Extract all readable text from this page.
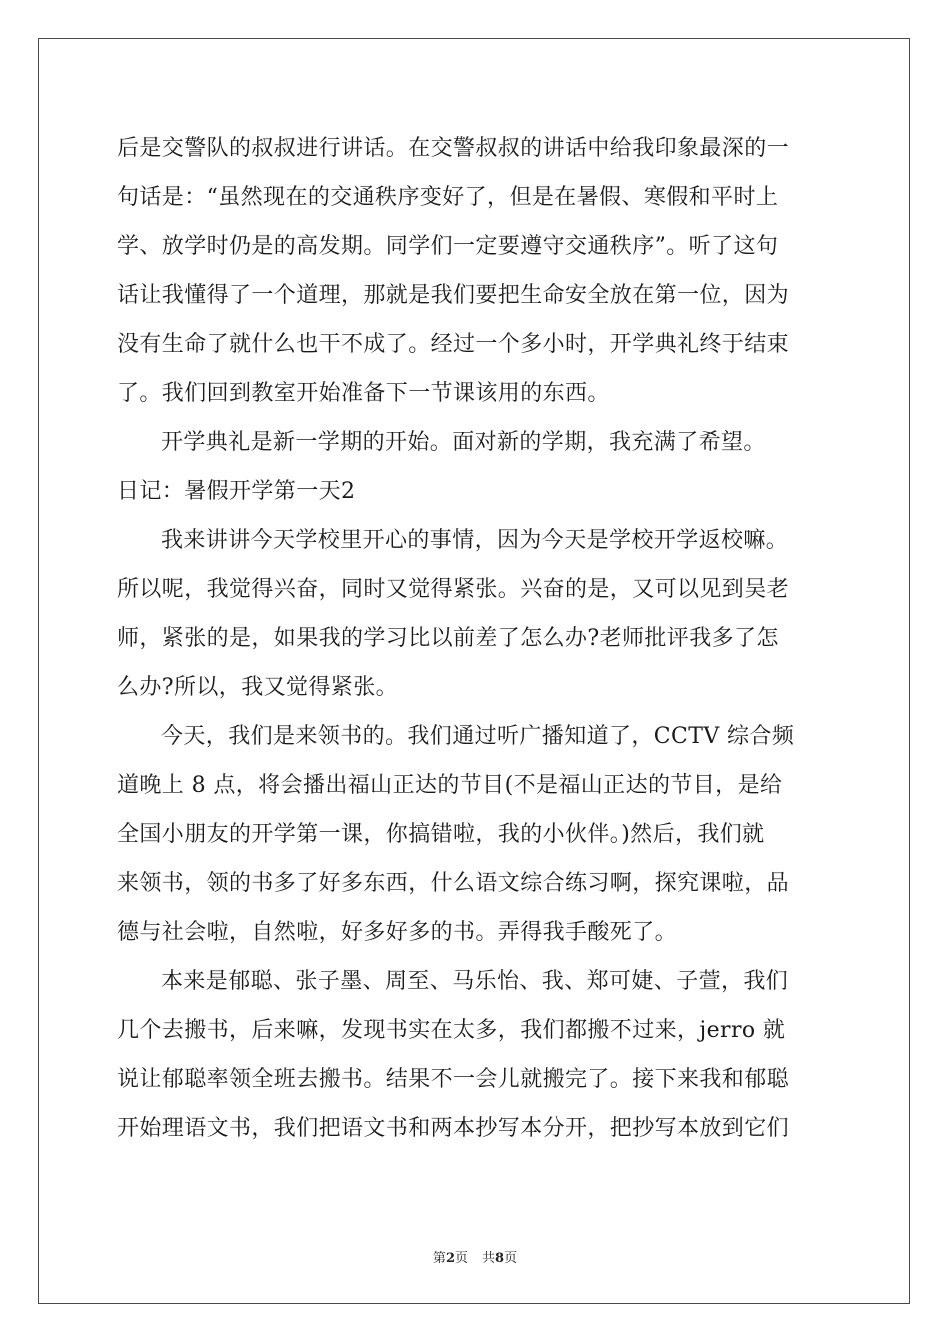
后是交警队的叔叔进行讲话。在交警叔叔的讲话中给我印象最深的一
句话是：“虽然现在的交通秩序变好了，但是在暑假、寒假和平时上
学、放学时仍是的高发期。同学们一定要遵守交通秩序”。听了这句
话让我懂得了一个道理，那就是我们要把生命安全放在第一位，因为
没有生命了就什么也干不成了。经过一个多小时，开学典礼终于结束
了。我们回到教室开始准备下一节课该用的东西。
开学典礼是新一学期的开始。面对新的学期，我充满了希望。
日记：暑假开学第一天2
我来讲讲今天学校里开心的事情，因为今天是学校开学返校嘛。
所以呢，我觉得兴奋，同时又觉得紧张。兴奋的是，又可以见到吴老
师，紧张的是，如果我的学习比以前差了怎么办?老师批评我多了怎
么办?所以，我又觉得紧张。
今天，我们是来领书的。我们通过听广播知道了，CCTV 综合频
道晚上 8 点，将会播出福山正达的节目(不是福山正达的节目，是给
全国小朋友的开学第一课，你搞错啦，我的小伙伴。)然后，我们就
来领书，领的书多了好多东西，什么语文综合练习啊，探究课啦，品
德与社会啦，自然啦，好多好多的书。弄得我手酸死了。
本来是郁聪、张子墨、周至、马乐怡、我、郑可婕、子萱，我们
几个去搬书，后来嘛，发现书实在太多，我们都搬不过来，jerro 就
说让郁聪率领全班去搬书。结果不一会儿就搬完了。接下来我和郁聪
开始理语文书，我们把语文书和两本抄写本分开，把抄写本放到它们
第2页 共8页
